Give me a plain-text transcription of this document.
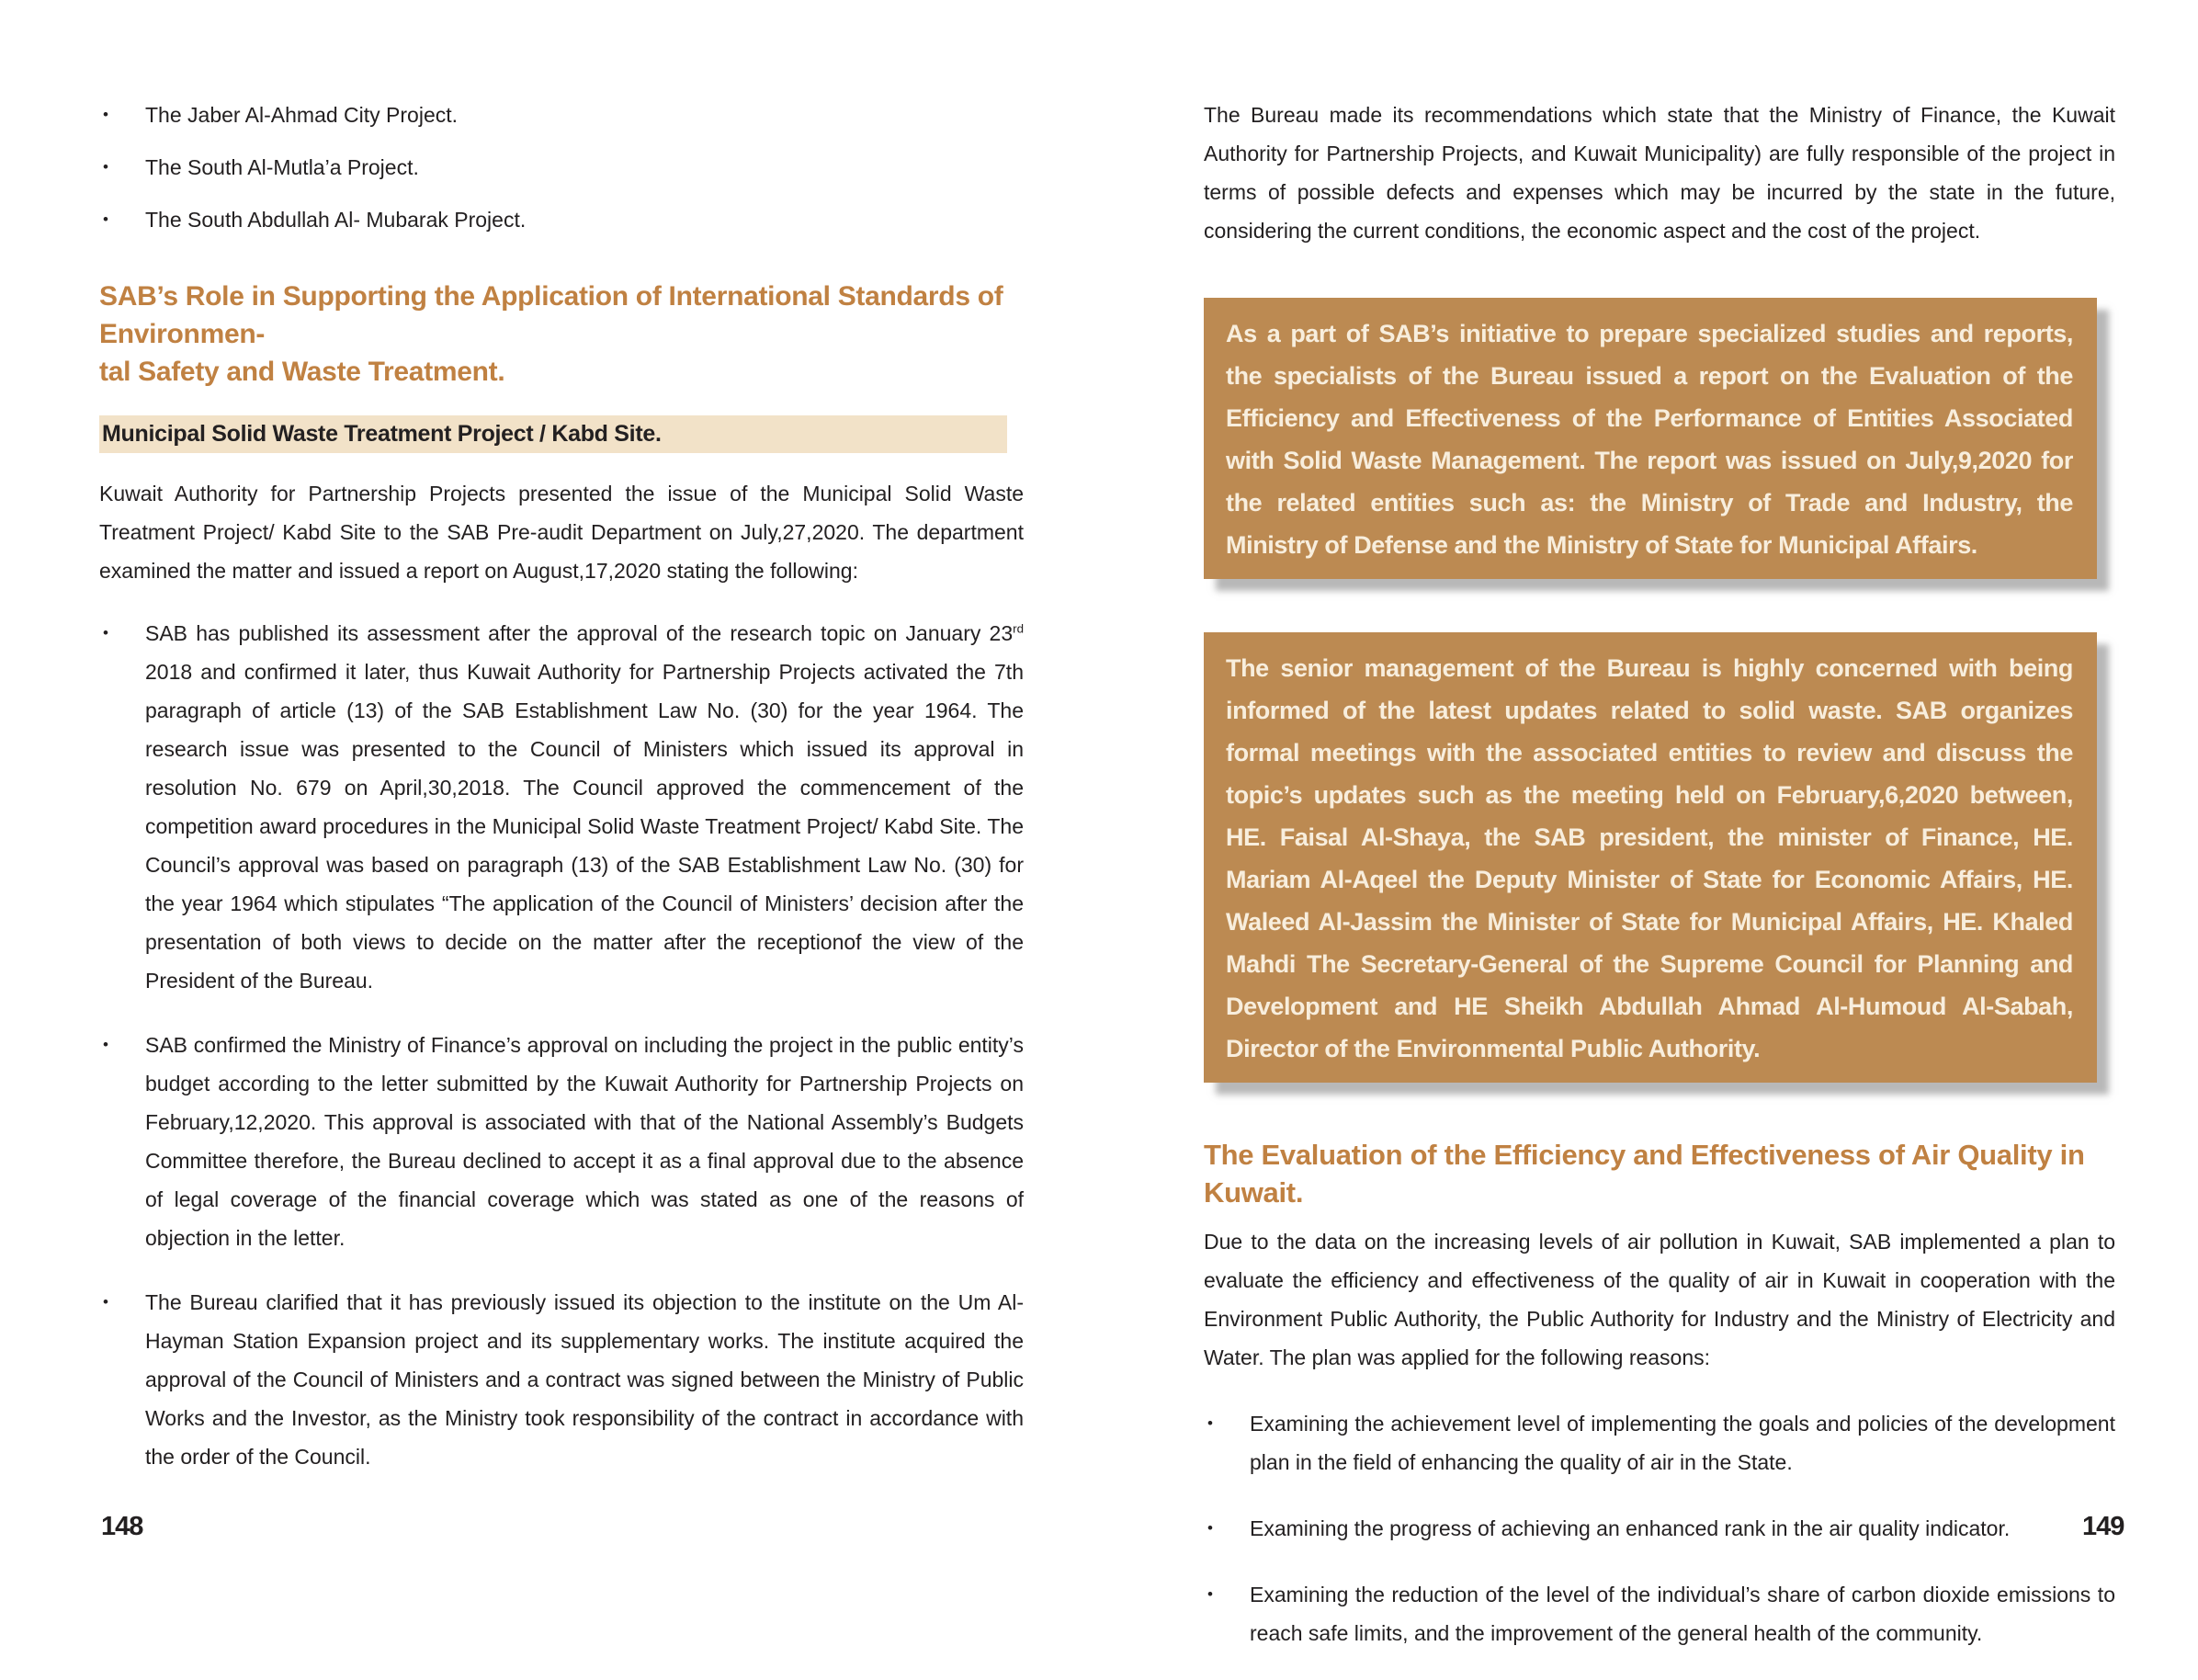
•	The Jaber Al-Ahmad City Project.
•	The South Al-Mutla’a Project.
•	The South Abdullah Al- Mubarak Project.
SAB’s Role in Supporting the Application of International Standards of Environmen-
tal Safety and Waste Treatment.
Municipal Solid Waste Treatment Project / Kabd Site.
Kuwait Authority for Partnership Projects presented the issue of the Municipal Solid Waste Treatment Project/ Kabd Site to the SAB Pre-audit Department on July,27,2020. The department examined the matter and issued a report on August,17,2020 stating the following:
•	SAB has published its assessment after the approval of the research topic on January 23rd 2018 and confirmed it later, thus Kuwait Authority for Partnership Projects activated the 7th paragraph of article (13) of the SAB Establishment Law No. (30) for the year 1964. The research issue was presented to the Council of Ministers which issued its approval in resolution No. 679 on April,30,2018. The Council approved the commencement of the competition award procedures in the Municipal Solid Waste Treatment Project/ Kabd Site. The Council’s approval was based on paragraph (13) of the SAB Establishment Law No. (30) for the year 1964 which stipulates “The application of the Council of Ministers’ decision after the presentation of both views to decide on the matter after the receptionof the view of the President of the Bureau.
•	SAB confirmed the Ministry of Finance’s approval on including the project in the public entity’s budget according to the letter submitted by the Kuwait Authority for Partnership Projects on February,12,2020. This approval is associated with that of the National Assembly’s Budgets Committee therefore, the Bureau declined to accept it as a final approval due to the absence of legal coverage of the financial coverage which was stated as one of the reasons of objection in the letter.
•	The Bureau clarified that it has previously issued its objection to the institute on the Um Al-Hayman Station Expansion project and its supplementary works. The institute acquired the approval of the Council of Ministers and a contract was signed between the Ministry of Public Works and the Investor, as the Ministry took responsibility of the contract in accordance with the order of the Council.
The Bureau made its recommendations which state that the Ministry of Finance, the Kuwait Authority for Partnership Projects, and Kuwait Municipality) are fully responsible of the project in terms of possible defects and expenses which may be incurred by the state in the future, considering the current conditions, the economic aspect and the cost of the project.
As a part of SAB’s initiative to prepare specialized studies and reports, the specialists of the Bureau issued a report on the Evaluation of the Efficiency and Effectiveness of the Performance of Entities Associated with Solid Waste Management. The report was issued on July,9,2020 for the related entities such as: the Ministry of Trade and Industry, the Ministry of Defense and the Ministry of State for Municipal Affairs.
The senior management of the Bureau is highly concerned with being informed of the latest updates related to solid waste. SAB organizes formal meetings with the associated entities to review and discuss the topic’s updates such as the meeting held on February,6,2020 between, HE. Faisal Al-Shaya, the SAB president, the minister of Finance, HE. Mariam Al-Aqeel the Deputy Minister of State for Economic Affairs, HE. Waleed Al-Jassim the Minister of State for Municipal Affairs, HE. Khaled Mahdi The Secretary-General of the Supreme Council for Planning and Development and HE Sheikh Abdullah Ahmad Al-Humoud Al-Sabah, Director of the Environmental Public Authority.
The Evaluation of the Efficiency and Effectiveness of Air Quality in Kuwait.
Due to the data on the increasing levels of air pollution in Kuwait, SAB implemented a plan to evaluate the efficiency and effectiveness of the quality of air in Kuwait in cooperation with the Environment Public Authority, the Public Authority for Industry and the Ministry of Electricity and Water. The plan was applied for the following reasons:
•	Examining the achievement level of implementing the goals and policies of the development plan in the field of enhancing the quality of air in the State.
•	Examining the progress of achieving an enhanced rank in the air quality indicator.
•	Examining the reduction of the level of the individual’s share of carbon dioxide emissions to reach safe limits, and the improvement of the general health of the community.
148	149
